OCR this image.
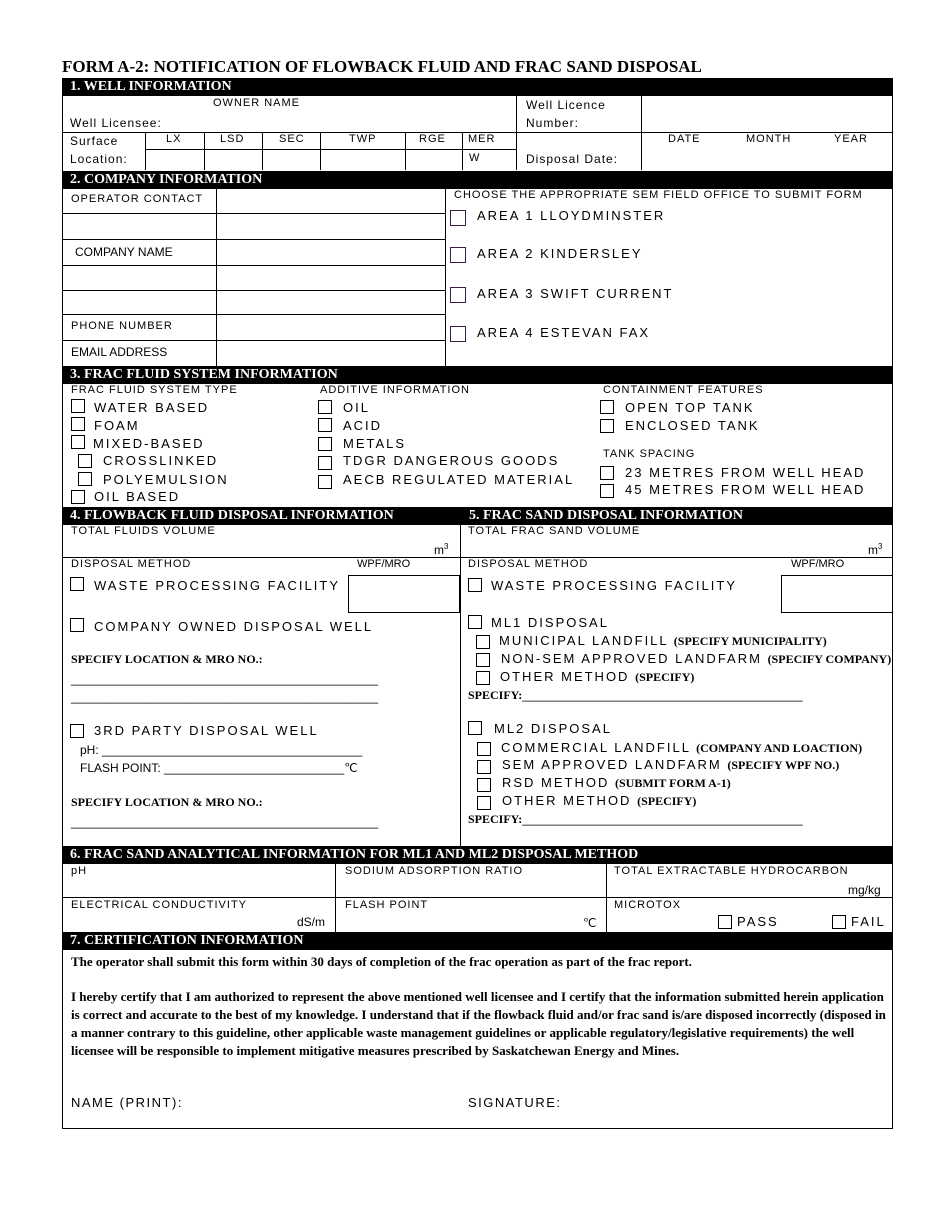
FORM A-2: NOTIFICATION OF FLOWBACK FLUID AND FRAC SAND DISPOSAL
1. WELL INFORMATION
OWNER NAME
Well Licensee:
Well Licence
Number:
Surface
Location:
LX	LSD	SEC	TWP	RGE MER
W	Disposal Date:
DATE	MONTH	YEAR
2. COMPANY INFORMATION
OPERATOR CONTACT
COMPANY NAME
PHONE NUMBER
EMAIL ADDRESS
CHOOSE THE APPROPRIATE SEM FIELD OFFICE TO SUBMIT FORM
AREA 1 LLOYDMINSTER
AREA 2 KINDERSLEY
AREA 3 SWIFT CURRENT
AREA 4 ESTEVAN FAX
3. FRAC FLUID SYSTEM INFORMATION
FRAC FLUID SYSTEM TYPE
WATER BASED
FOAM
MIXED-BASED
CROSSLINKED
POLYEMULSION
OIL BASED
ADDITIVE INFORMATION
OIL
ACID
METALS
TDGR DANGEROUS GOODS
AECB REGULATED MATERIAL
CONTAINMENT FEATURES
OPEN TOP TANK
ENCLOSED TANK
TANK SPACING
23 METRES FROM WELL HEAD
45 METRES FROM WELL HEAD
4. FLOWBACK FLUID DISPOSAL INFORMATION	5. FRAC SAND DISPOSAL INFORMATION
TOTAL FLUIDS VOLUME
$m^3$
DISPOSAL METHOD	WPF/MRO
WASTE PROCESSING FACILITY
COMPANY OWNED DISPOSAL WELL
SPECIFY LOCATION & MRO NO.:
______________________________________________
______________________________________________
3RD PARTY DISPOSAL WELL
pH: _______________________________________
FLASH POINT: ___________________________℃
SPECIFY LOCATION & MRO NO.:
______________________________________________
TOTAL FRAC SAND VOLUME
$m^3$
DISPOSAL METHOD	WPF/MRO
WASTE PROCESSING FACILITY
ML1 DISPOSAL
MUNICIPAL LANDFILL (SPECIFY MUNICIPALITY)
NON-SEM APPROVED LANDFARM (SPECIFY COMPANY)
OTHER METHOD (SPECIFY)
SPECIFY:__________________________________________
ML2 DISPOSAL
COMMERCIAL LANDFILL (COMPANY AND LOACTION)
SEM APPROVED LANDFARM (SPECIFY WPF NO.)
RSD METHOD (SUBMIT FORM A-1)
OTHER METHOD (SPECIFY)
SPECIFY:__________________________________________
6. FRAC SAND ANALYTICAL INFORMATION FOR ML1 AND ML2 DISPOSAL METHOD
pH	SODIUM ADSORPTION RATIO	TOTAL EXTRACTABLE HYDROCARBON
mg/kg
ELECTRICAL CONDUCTIVITY
dS/m
FLASH POINT
℃
MICROTOX
PASS	FAIL
7. CERTIFICATION INFORMATION
The operator shall submit this form within 30 days of completion of the frac operation as part of the frac report.
I hereby certify that I am authorized to represent the above mentioned well licensee and I certify that the information submitted herein application is correct and accurate to the best of my knowledge. I understand that if the flowback fluid and/or frac sand is/are disposed incorrectly (disposed in a manner contrary to this guideline, other applicable waste management guidelines or applicable regulatory/legislative requirements) the well licensee will be responsible to implement mitigative measures prescribed by Saskatchewan Energy and Mines.
NAME (PRINT):	SIGNATURE:
